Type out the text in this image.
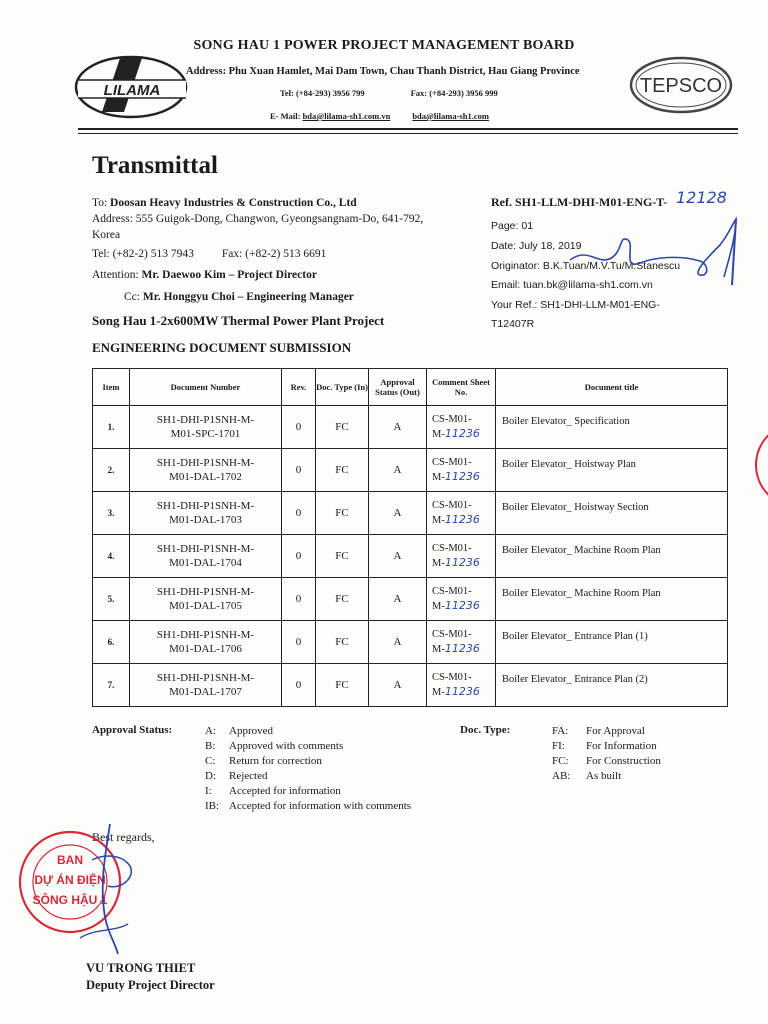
SONG HAU 1 POWER PROJECT MANAGEMENT BOARD
LILAMA
Address: Phu Xuan Hamlet, Mai Dam Town, Chau Thanh District, Hau Giang Province
Tel: (+84-293) 3956 799	Fax: (+84-293) 3956 999
E- Mail: bda@lilama-sh1.com.vn	bda@lilama-sh1.com
TEPSCO
Transmittal
To: Doosan Heavy Industries & Construction Co., Ltd
Address: 555 Guigok-Dong, Changwon, Gyeongsangnam-Do, 641-792, Korea
Tel: (+82-2) 513 7943 Fax: (+82-2) 513 6691
Attention: Mr. Daewoo Kim – Project Director
Cc: Mr. Honggyu Choi – Engineering Manager
Song Hau 1-2x600MW Thermal Power Plant Project
ENGINEERING DOCUMENT SUBMISSION
Ref. SH1-LLM-DHI-M01-ENG-T- 12128
Page: 01
Date: July 18, 2019
Originator: B.K.Tuan/M.V.Tu/M.Stanescu
Email: tuan.bk@lilama-sh1.com.vn
Your Ref.: SH1-DHI-LLM-M01-ENG-
T12407R
Item	Document Number	Rev.	Doc. Type (In)	Approval Status (Out)	Comment Sheet No.	Document title
1.	SH1-DHI-P1SNH-M-
M01-SPC-1701	0	FC	A	CS-M01-
M-11236	Boiler Elevator_ Specification
2.	SH1-DHI-P1SNH-M-
M01-DAL-1702	0	FC	A	CS-M01-
M-11236	Boiler Elevator_ Hoistway Plan
3.	SH1-DHI-P1SNH-M-
M01-DAL-1703	0	FC	A	CS-M01-
M-11236	Boiler Elevator_ Hoistway Section
4.	SH1-DHI-P1SNH-M-
M01-DAL-1704	0	FC	A	CS-M01-
M-11236	Boiler Elevator_ Machine Room Plan
5.	SH1-DHI-P1SNH-M-
M01-DAL-1705	0	FC	A	CS-M01-
M-11236	Boiler Elevator_ Machine Room Plan
6.	SH1-DHI-P1SNH-M-
M01-DAL-1706	0	FC	A	CS-M01-
M-11236	Boiler Elevator_ Entrance Plan (1)
7.	SH1-DHI-P1SNH-M-
M01-DAL-1707	0	FC	A	CS-M01-
M-11236	Boiler Elevator_ Entrance Plan (2)
Approval Status:	A: Approved
B: Approved with comments
C: Return for correction
D: Rejected
I: Accepted for information
IB: Accepted for information with comments
Doc. Type:	FA: For Approval
FI: For Information
FC: For Construction
AB: As built
Best regards,
BAN
DỰ ÁN ĐIỆN
SÔNG HẬU 1
VU TRONG THIET
Deputy Project Director
